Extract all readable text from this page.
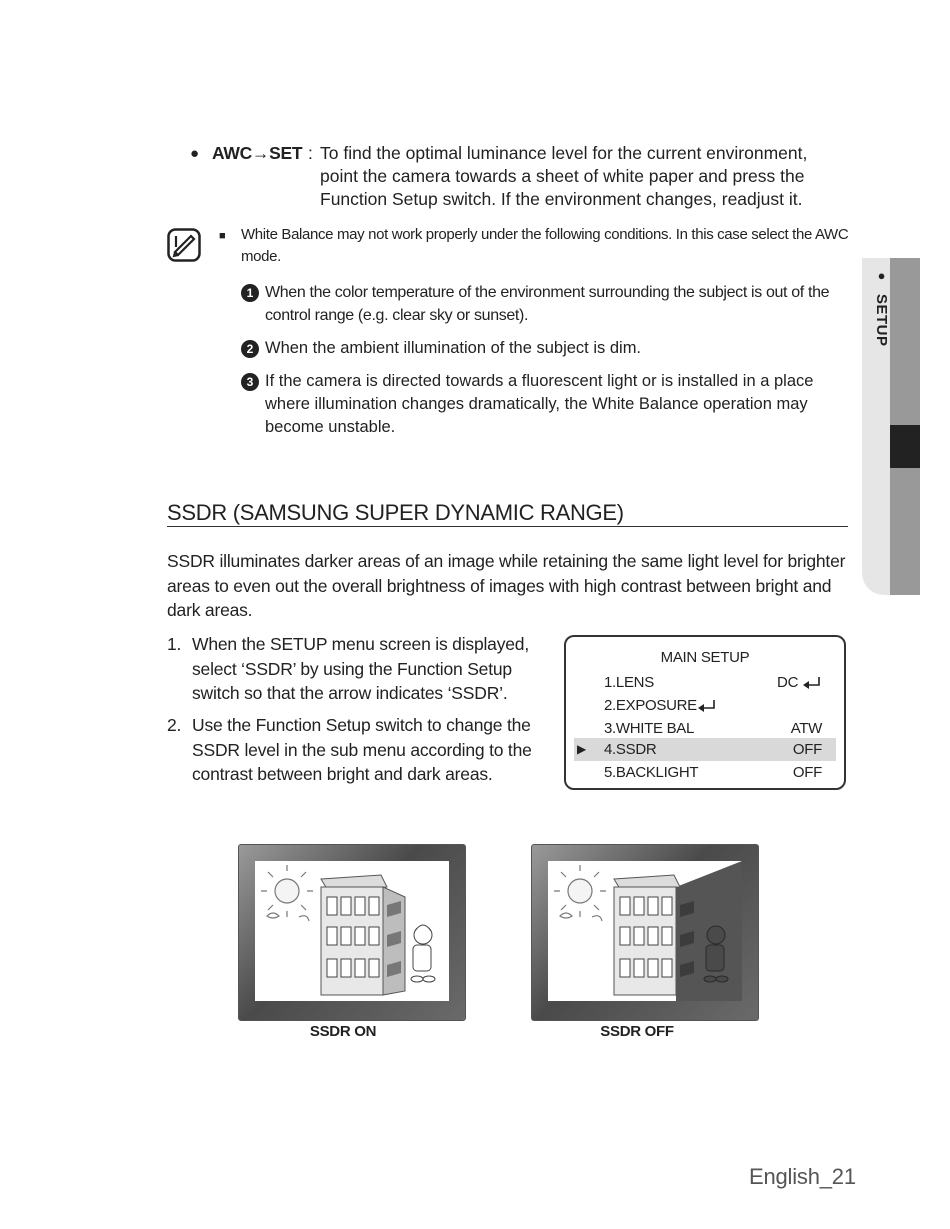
● AWC→SET : To find the optimal luminance level for the current environment, point the camera towards a sheet of white paper and press the Function Setup switch. If the environment changes, readjust it.
■ White Balance may not work properly under the following conditions. In this case select the AWC mode.
1 When the color temperature of the environment surrounding the subject is out of the control range (e.g. clear sky or sunset).
2 When the ambient illumination of the subject is dim.
3 If the camera is directed towards a fluorescent light or is installed in a place where illumination changes dramatically, the White Balance operation may become unstable.
● SETUP
SSDR (SAMSUNG SUPER DYNAMIC RANGE)
SSDR illuminates darker areas of an image while retaining the same light level for brighter areas to even out the overall brightness of images with high contrast between bright and dark areas.
1. When the SETUP menu screen is displayed, select ‘SSDR’ by using the Function Setup switch so that the arrow indicates ‘SSDR’.
2. Use the Function Setup switch to change the SSDR level in the sub menu according to the contrast between bright and dark areas.
MAIN SETUP
1.LENS	DC
2.EXPOSURE
3.WHITE BAL	ATW
▶ 4.SSDR	OFF
5.BACKLIGHT	OFF
SSDR ON	SSDR OFF
English_21
